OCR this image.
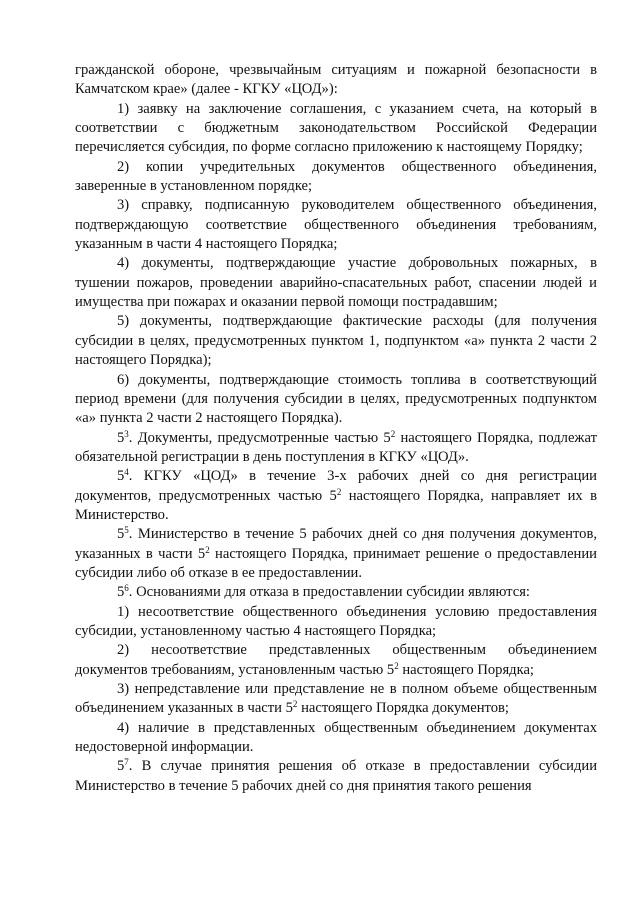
гражданской обороне, чрезвычайным ситуациям и пожарной безопасности в Камчатском крае» (далее - КГКУ «ЦОД»):

1) заявку на заключение соглашения, с указанием счета, на который в соответствии с бюджетным законодательством Российской Федерации перечисляется субсидия, по форме согласно приложению к настоящему Порядку;

2) копии учредительных документов общественного объединения, заверенные в установленном порядке;

3) справку, подписанную руководителем общественного объединения, подтверждающую соответствие общественного объединения требованиям, указанным в части 4 настоящего Порядка;

4) документы, подтверждающие участие добровольных пожарных, в тушении пожаров, проведении аварийно-спасательных работ, спасении людей и имущества при пожарах и оказании первой помощи пострадавшим;

5) документы, подтверждающие фактические расходы (для получения субсидии в целях, предусмотренных пунктом 1, подпунктом «а» пункта 2 части 2 настоящего Порядка);

6) документы, подтверждающие стоимость топлива в соответствующий период времени (для получения субсидии в целях, предусмотренных подпунктом «а» пункта 2 части 2 настоящего Порядка).

$5^3$. Документы, предусмотренные частью $5^2$ настоящего Порядка, подлежат обязательной регистрации в день поступления в КГКУ «ЦОД».

$5^4$. КГКУ «ЦОД» в течение 3-х рабочих дней со дня регистрации документов, предусмотренных частью $5^2$ настоящего Порядка, направляет их в Министерство.

$5^5$. Министерство в течение 5 рабочих дней со дня получения документов, указанных в части $5^2$ настоящего Порядка, принимает решение о предоставлении субсидии либо об отказе в ее предоставлении.

$5^6$. Основаниями для отказа в предоставлении субсидии являются:

1) несоответствие общественного объединения условию предоставления субсидии, установленному частью 4 настоящего Порядка;

2) несоответствие представленных общественным объединением документов требованиям, установленным частью $5^2$ настоящего Порядка;

3) непредставление или представление не в полном объеме общественным объединением указанных в части $5^2$ настоящего Порядка документов;

4) наличие в представленных общественным объединением документах недостоверной информации.

$5^7$. В случае принятия решения об отказе в предоставлении субсидии Министерство в течение 5 рабочих дней со дня принятия такого решения
